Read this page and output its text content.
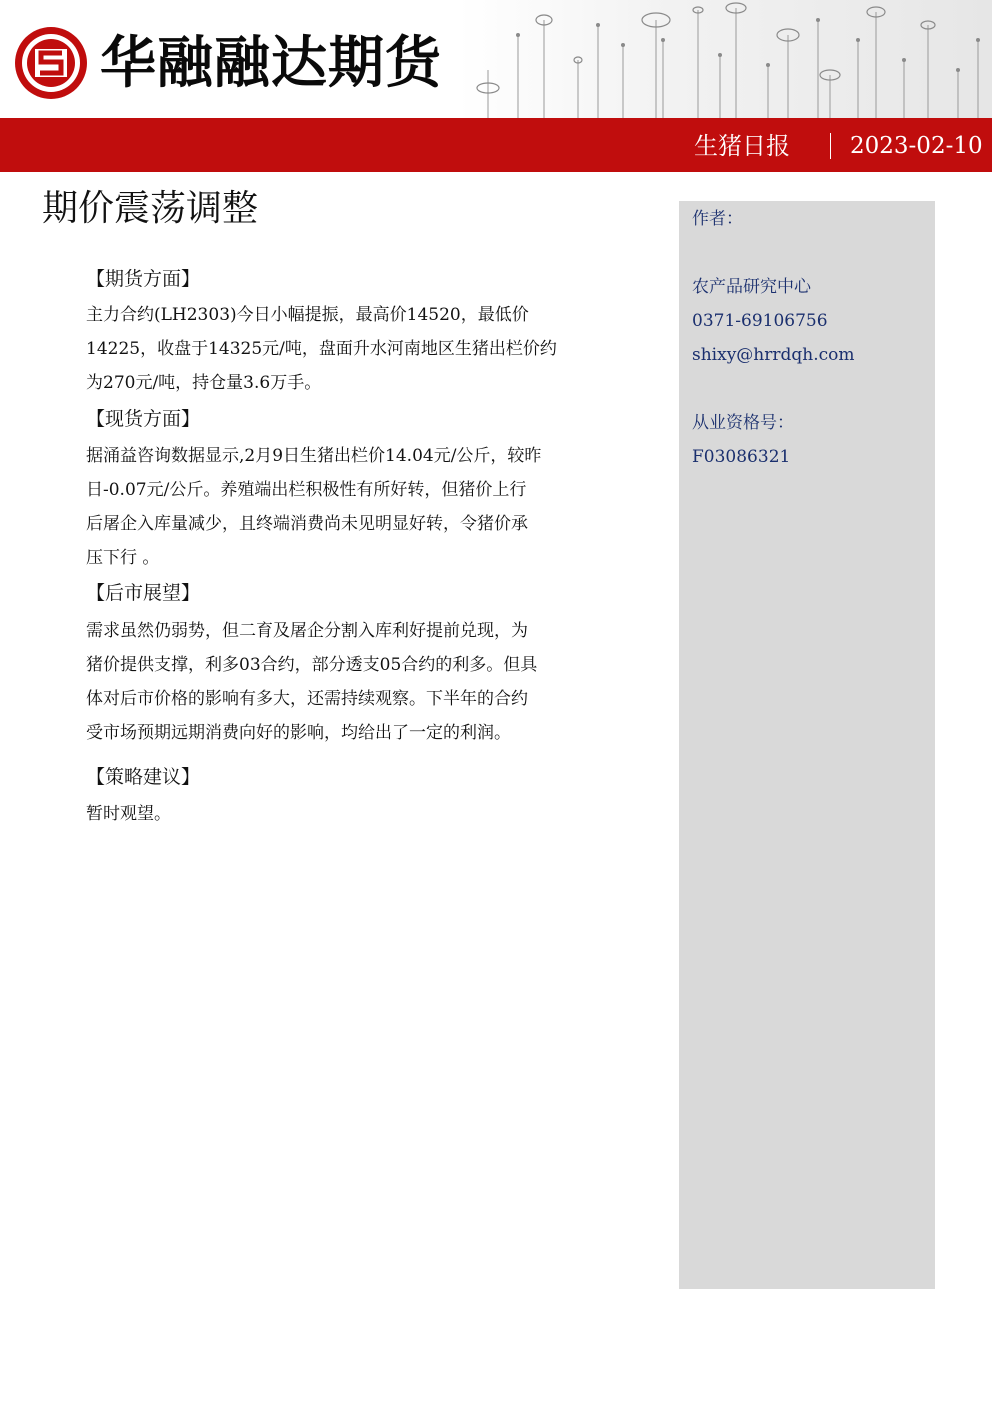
华融融达期货
生猪日报	2023-02-10
期价震荡调整	作者：
农产品研究中心
0371-69106756
shixy@hrrdqh.com
从业资格号：
F03086321
【期货方面】
主力合约(LH2303)今日小幅提振，最高价14520，最低价
14225，收盘于14325元/吨，盘面升水河南地区生猪出栏价约
为270元/吨，持仓量3.6万手。
【现货方面】
据涌益咨询数据显示,2月9日生猪出栏价14.04元/公斤，较昨
日-0.07元/公斤。养殖端出栏积极性有所好转，但猪价上行
后屠企入库量减少，且终端消费尚未见明显好转，令猪价承
压下行 。
【后市展望】
需求虽然仍弱势，但二育及屠企分割入库利好提前兑现，为
猪价提供支撑，利多03合约，部分透支05合约的利多。但具
体对后市价格的影响有多大，还需持续观察。下半年的合约
受市场预期远期消费向好的影响，均给出了一定的利润。
【策略建议】
暂时观望。
